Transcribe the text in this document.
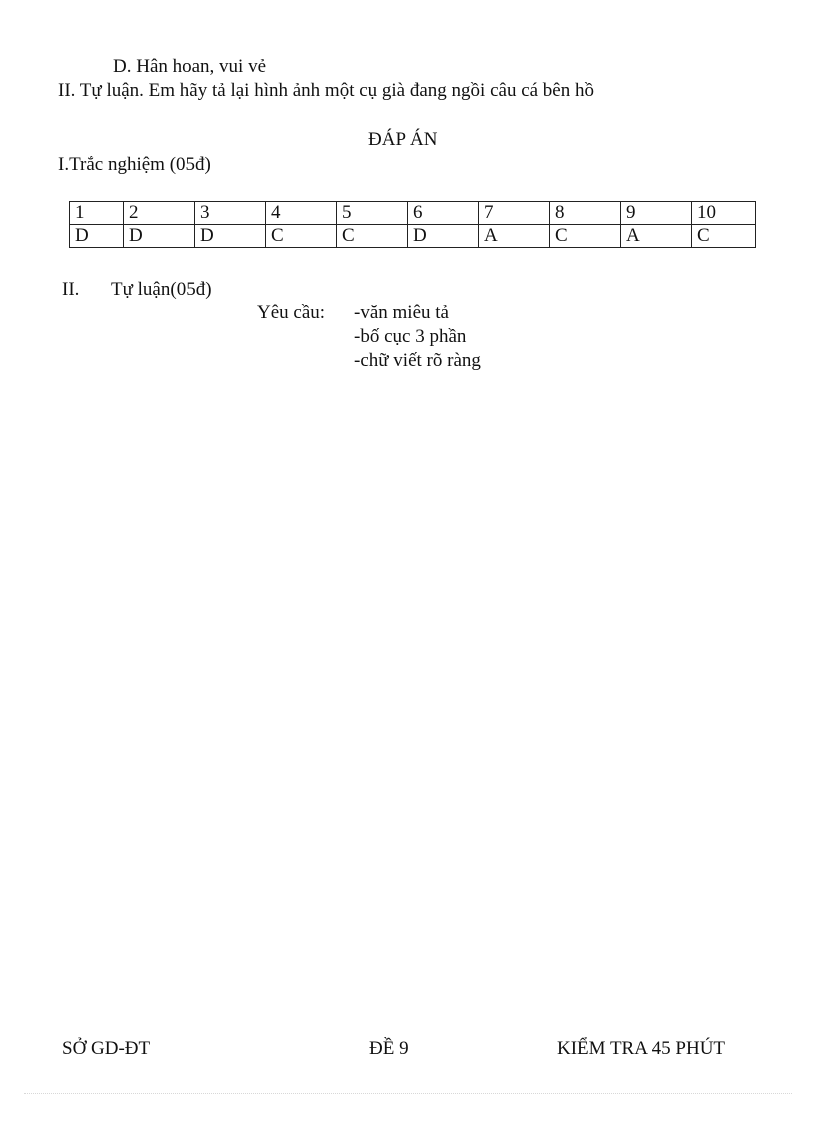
D. Hân hoan, vui vẻ
II. Tự luận. Em hãy tả lại hình ảnh một cụ già đang ngồi câu cá bên hồ
ĐÁP ÁN
I.Trắc nghiệm (05đ)
1	2	3	4	5	6	7	8	9	10
D	D	D	C	C	D	A	C	A	C
II. Tự luận(05đ)
Yêu cầu: -văn miêu tả
-bố cục 3 phần
-chữ viết rõ ràng
SỞ GD-ĐT	ĐỀ 9	KIỂM TRA 45 PHÚT
